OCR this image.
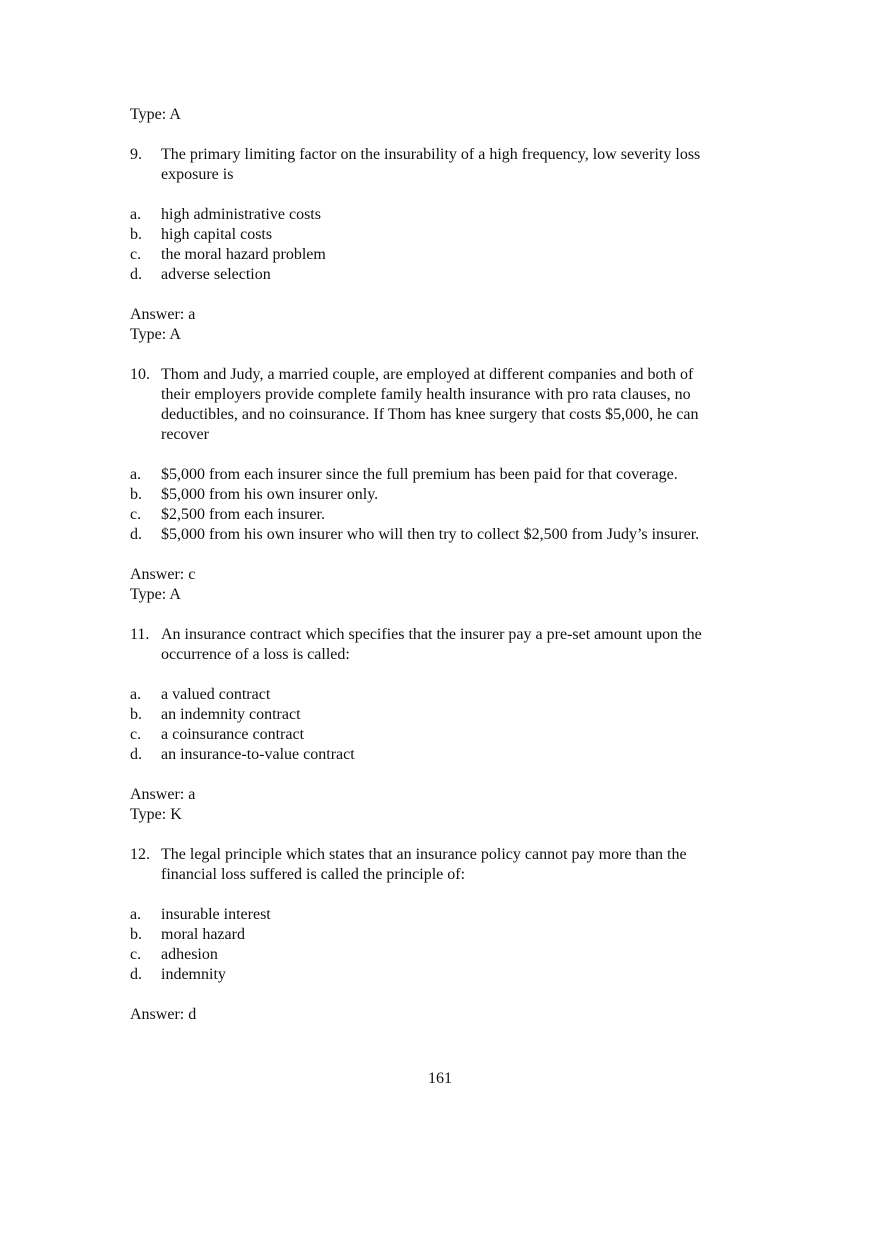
Type: A
9.	The primary limiting factor on the insurability of a high frequency, low severity loss
exposure is
a.	high administrative costs
b.	high capital costs
c.	the moral hazard problem
d.	adverse selection
Answer: a
Type: A
10. Thom and Judy, a married couple, are employed at different companies and both of
their employers provide complete family health insurance with pro rata clauses, no
deductibles, and no coinsurance. If Thom has knee surgery that costs $5,000, he can
recover
a.	$5,000 from each insurer since the full premium has been paid for that coverage.
b.	$5,000 from his own insurer only.
c.	$2,500 from each insurer.
d.	$5,000 from his own insurer who will then try to collect $2,500 from Judy’s insurer.
Answer: c
Type: A
11. An insurance contract which specifies that the insurer pay a pre-set amount upon the
occurrence of a loss is called:
a.	a valued contract
b.	an indemnity contract
c.	a coinsurance contract
d.	an insurance-to-value contract
Answer: a
Type: K
12. The legal principle which states that an insurance policy cannot pay more than the
financial loss suffered is called the principle of:
a.	insurable interest
b.	moral hazard
c.	adhesion
d.	indemnity
Answer: d
161
